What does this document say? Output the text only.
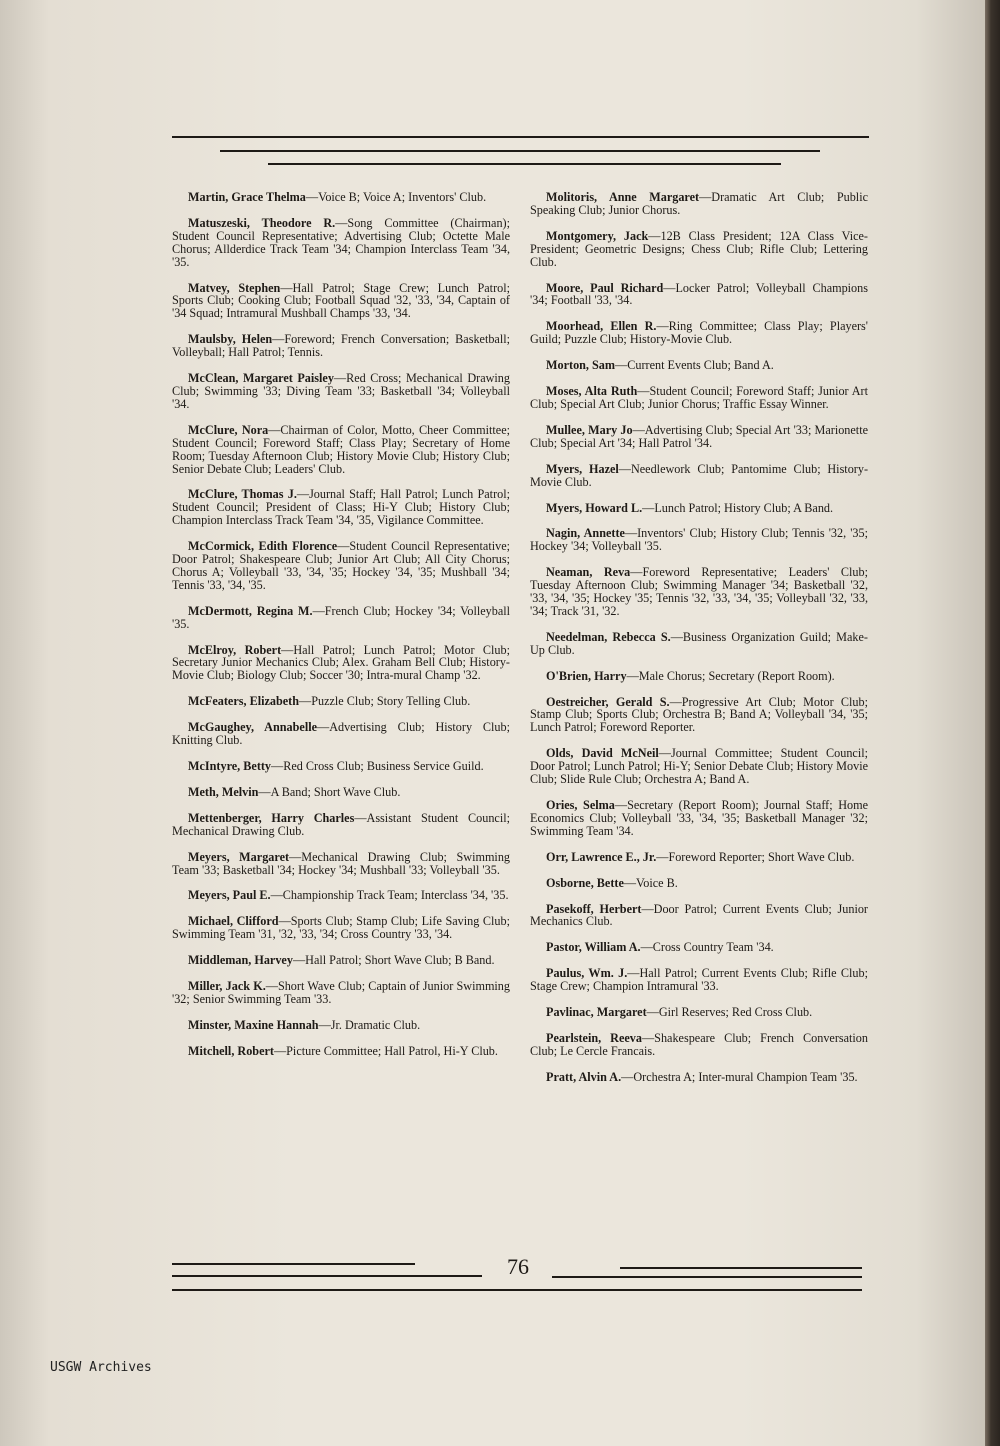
Martin, Grace Thelma—Voice B; Voice A; Inventors' Club.

Matuszeski, Theodore R.—Song Committee (Chairman); Student Council Representative; Advertising Club; Octette Male Chorus; Allderdice Track Team '34; Champion Interclass Team '34, '35.

Matvey, Stephen—Hall Patrol; Stage Crew; Lunch Patrol; Sports Club; Cooking Club; Football Squad '32, '33, '34, Captain of '34 Squad; Intramural Mushball Champs '33, '34.

Maulsby, Helen—Foreword; French Conversation; Basketball; Volleyball; Hall Patrol; Tennis.

McClean, Margaret Paisley—Red Cross; Mechanical Drawing Club; Swimming '33; Diving Team '33; Basketball '34; Volleyball '34.

McClure, Nora—Chairman of Color, Motto, Cheer Committee; Student Council; Foreword Staff; Class Play; Secretary of Home Room; Tuesday Afternoon Club; History Movie Club; History Club; Senior Debate Club; Leaders' Club.

McClure, Thomas J.—Journal Staff; Hall Patrol; Lunch Patrol; Student Council; President of Class; Hi-Y Club; History Club; Champion Interclass Track Team '34, '35, Vigilance Committee.

McCormick, Edith Florence—Student Council Representative; Door Patrol; Shakespeare Club; Junior Art Club; All City Chorus; Chorus A; Volleyball '33, '34, '35; Hockey '34, '35; Mushball '34; Tennis '33, '34, '35.

McDermott, Regina M.—French Club; Hockey '34; Volleyball '35.

McElroy, Robert—Hall Patrol; Lunch Patrol; Motor Club; Secretary Junior Mechanics Club; Alex. Graham Bell Club; History-Movie Club; Biology Club; Soccer '30; Intra-mural Champ '32.

McFeaters, Elizabeth—Puzzle Club; Story Telling Club.

McGaughey, Annabelle—Advertising Club; History Club; Knitting Club.

McIntyre, Betty—Red Cross Club; Business Service Guild.

Meth, Melvin—A Band; Short Wave Club.

Mettenberger, Harry Charles—Assistant Student Council; Mechanical Drawing Club.

Meyers, Margaret—Mechanical Drawing Club; Swimming Team '33; Basketball '34; Hockey '34; Mushball '33; Volleyball '35.

Meyers, Paul E.—Championship Track Team; Interclass '34, '35.

Michael, Clifford—Sports Club; Stamp Club; Life Saving Club; Swimming Team '31, '32, '33, '34; Cross Country '33, '34.

Middleman, Harvey—Hall Patrol; Short Wave Club; B Band.

Miller, Jack K.—Short Wave Club; Captain of Junior Swimming '32; Senior Swimming Team '33.

Minster, Maxine Hannah—Jr. Dramatic Club.

Mitchell, Robert—Picture Committee; Hall Patrol, Hi-Y Club.

Molitoris, Anne Margaret—Dramatic Art Club; Public Speaking Club; Junior Chorus.

Montgomery, Jack—12B Class President; 12A Class Vice-President; Geometric Designs; Chess Club; Rifle Club; Lettering Club.

Moore, Paul Richard—Locker Patrol; Volleyball Champions '34; Football '33, '34.

Moorhead, Ellen R.—Ring Committee; Class Play; Players' Guild; Puzzle Club; History-Movie Club.

Morton, Sam—Current Events Club; Band A.

Moses, Alta Ruth—Student Council; Foreword Staff; Junior Art Club; Special Art Club; Junior Chorus; Traffic Essay Winner.

Mullee, Mary Jo—Advertising Club; Special Art '33; Marionette Club; Special Art '34; Hall Patrol '34.

Myers, Hazel—Needlework Club; Pantomime Club; History-Movie Club.

Myers, Howard L.—Lunch Patrol; History Club; A Band.

Nagin, Annette—Inventors' Club; History Club; Tennis '32, '35; Hockey '34; Volleyball '35.

Neaman, Reva—Foreword Representative; Leaders' Club; Tuesday Afternoon Club; Swimming Manager '34; Basketball '32, '33, '34, '35; Hockey '35; Tennis '32, '33, '34, '35; Volleyball '32, '33, '34; Track '31, '32.

Needelman, Rebecca S.—Business Organization Guild; Make-Up Club.

O'Brien, Harry—Male Chorus; Secretary (Report Room).

Oestreicher, Gerald S.—Progressive Art Club; Motor Club; Stamp Club; Sports Club; Orchestra B; Band A; Volleyball '34, '35; Lunch Patrol; Foreword Reporter.

Olds, David McNeil—Journal Committee; Student Council; Door Patrol; Lunch Patrol; Hi-Y; Senior Debate Club; History Movie Club; Slide Rule Club; Orchestra A; Band A.

Ories, Selma—Secretary (Report Room); Journal Staff; Home Economics Club; Volleyball '33, '34, '35; Basketball Manager '32; Swimming Team '34.

Orr, Lawrence E., Jr.—Foreword Reporter; Short Wave Club.

Osborne, Bette—Voice B.

Pasekoff, Herbert—Door Patrol; Current Events Club; Junior Mechanics Club.

Pastor, William A.—Cross Country Team '34.

Paulus, Wm. J.—Hall Patrol; Current Events Club; Rifle Club; Stage Crew; Champion Intramural '33.

Pavlinac, Margaret—Girl Reserves; Red Cross Club.

Pearlstein, Reeva—Shakespeare Club; French Conversation Club; Le Cercle Francais.

Pratt, Alvin A.—Orchestra A; Inter-mural Champion Team '35.

76
USGW Archives
